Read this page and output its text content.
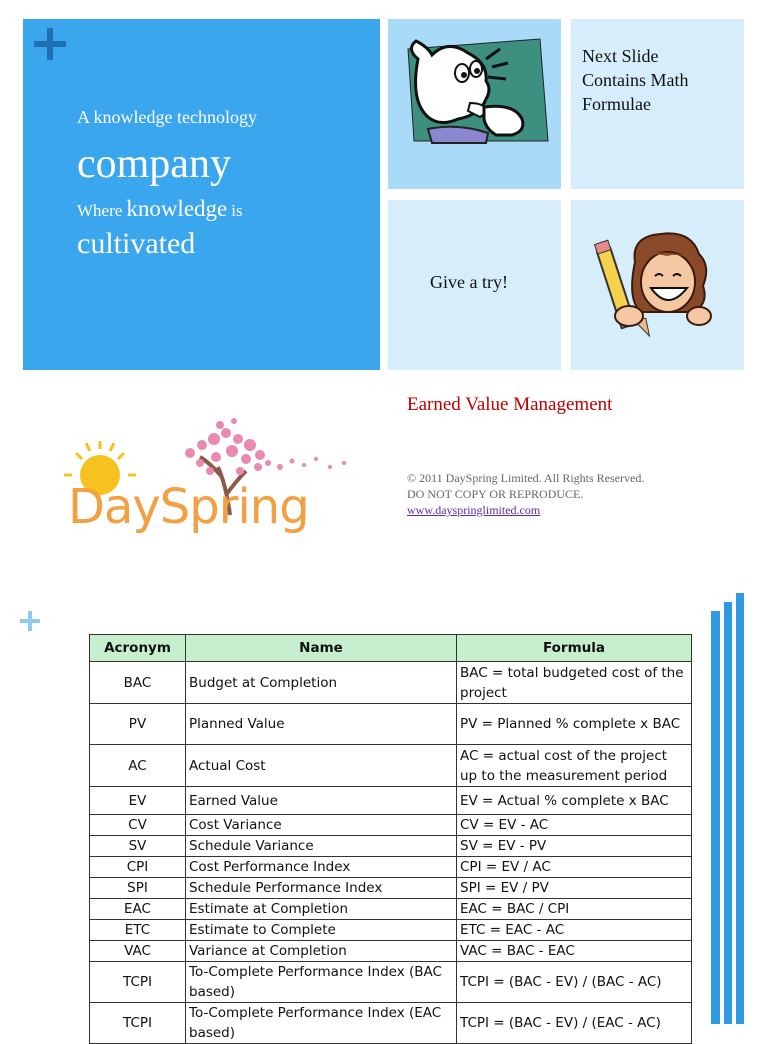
A knowledge technology
company
Where knowledge is
cultivated
Next Slide Contains Math Formulae
Give a try!
DaySpring
Earned Value Management
© 2011 DaySpring Limited. All Rights Reserved.
DO NOT COPY OR REPRODUCE.
www.dayspringlimited.com
Acronym	Name	Formula
BAC	Budget at Completion	BAC = total budgeted cost of the project
PV	Planned Value	PV = Planned % complete x BAC
AC	Actual Cost	AC = actual cost of the project up to the measurement period
EV	Earned Value	EV = Actual % complete x BAC
CV	Cost Variance	CV = EV - AC
SV	Schedule Variance	SV = EV - PV
CPI	Cost Performance Index	CPI = EV / AC
SPI	Schedule Performance Index	SPI = EV / PV
EAC	Estimate at Completion	EAC = BAC / CPI
ETC	Estimate to Complete	ETC = EAC - AC
VAC	Variance at Completion	VAC = BAC - EAC
TCPI	To-Complete Performance Index (BAC based)	TCPI = (BAC - EV) / (BAC - AC)
TCPI	To-Complete Performance Index (EAC based)	TCPI = (BAC - EV) / (EAC - AC)
